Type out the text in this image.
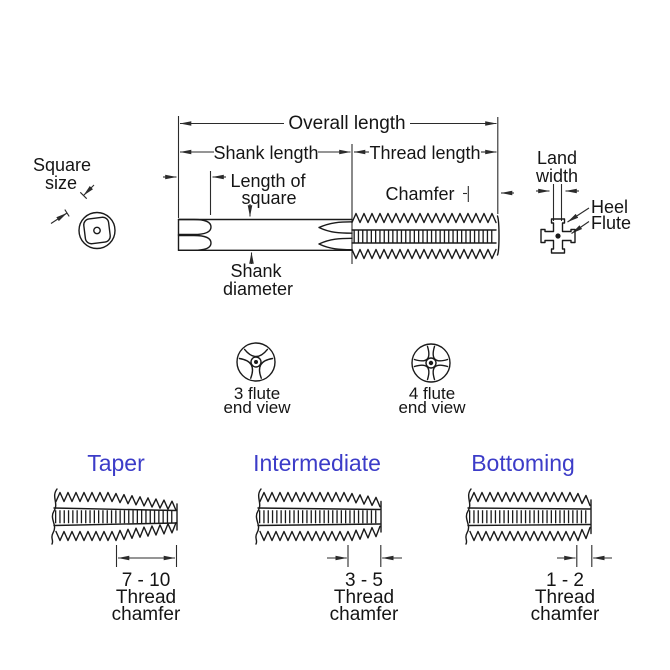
Overall length
Shank length	Thread length
Length of
square	Chamfer
Shank
diameter
Square
size
Land
width
Heel
Flute
3 flute
end view
4 flute
end view
Taper
7 - 10
Thread
chamfer
Intermediate
3 - 5
Thread
chamfer
Bottoming
1 - 2
Thread
chamfer
